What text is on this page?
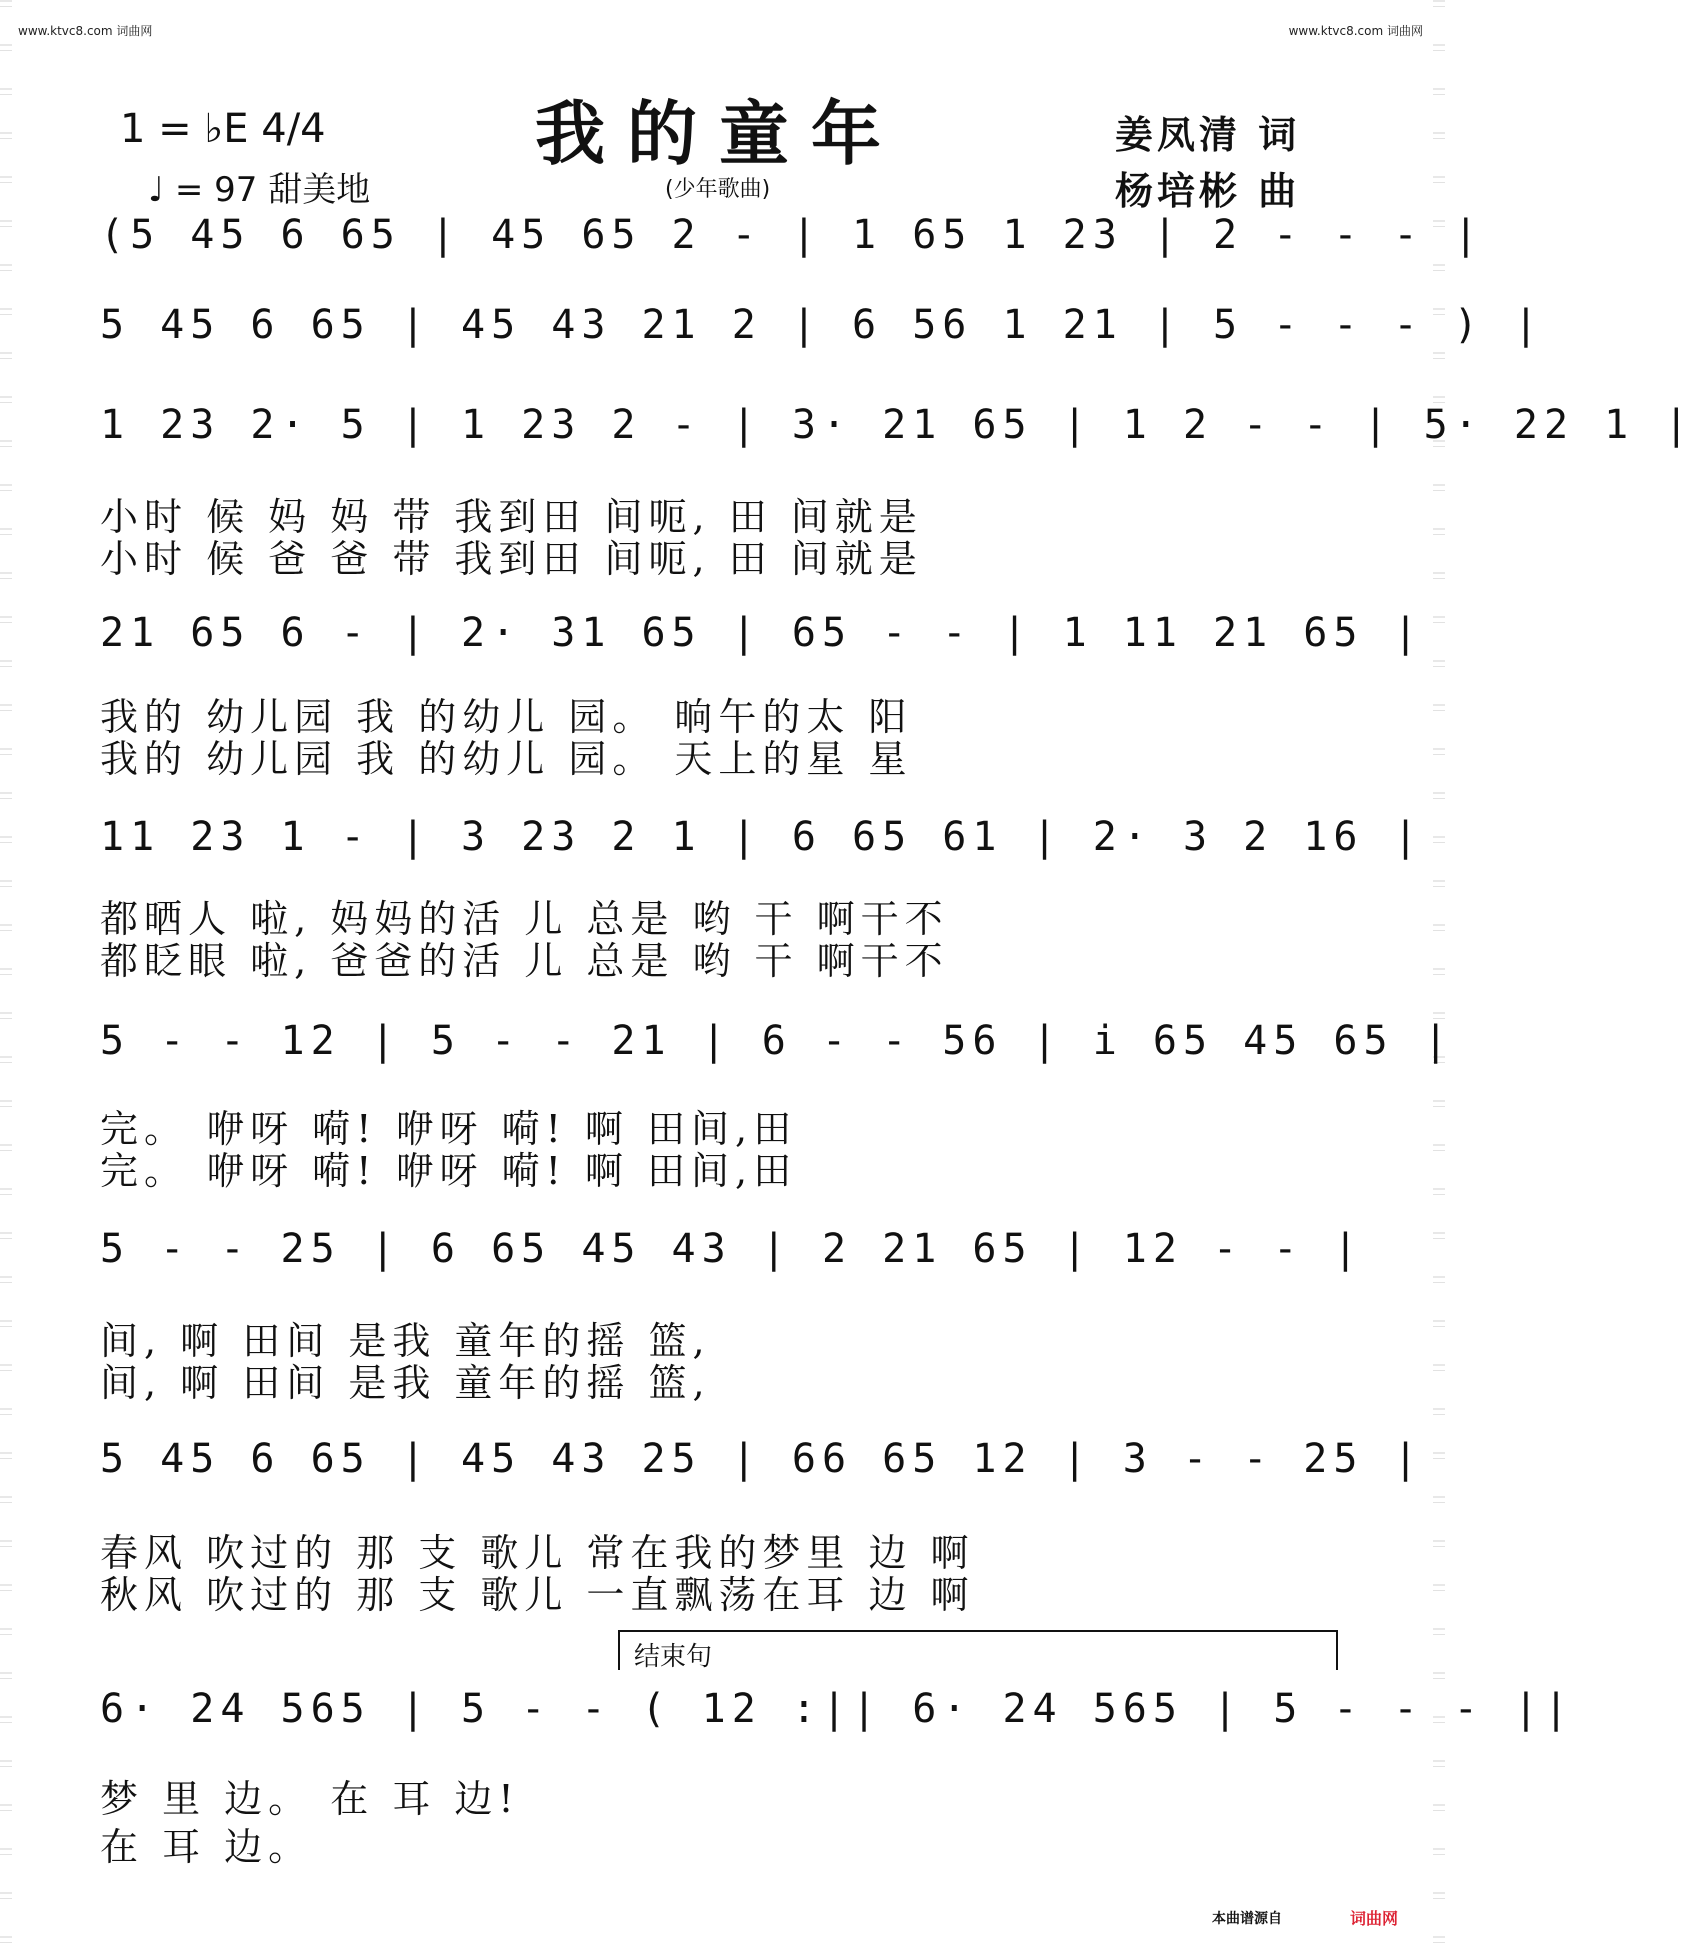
www.ktvc8.com 词曲网	www.ktvc8.com 词曲网
1 = ♭E 4/4
♩ = 97 甜美地
我的童年
(少年歌曲)
姜凤清 词
杨培彬 曲
(5 45 6 65 | 45 65 2 - | 1 65 1 23 | 2 - - - |
5 45 6 65 | 45 43 21 2 | 6 56 1 21 | 5 - - - ) |
1 23 2· 5 | 1 23 2 - | 3· 21 65 | 1 2 - - | 5· 22 1 |
小时 候 妈 妈 带 我到田 间呃, 田 间就是
小时 候 爸 爸 带 我到田 间呃, 田 间就是
21 65 6 - | 2· 31 65 | 65 - - | 1 11 21 65 |
我的 幼儿园 我 的幼儿 园。 晌午的太 阳
我的 幼儿园 我 的幼儿 园。 天上的星 星
11 23 1 - | 3 23 2 1 | 6 65 61 | 2· 3 2 16 |
都晒人 啦, 妈妈的活 儿 总是 哟 干 啊干不
都眨眼 啦, 爸爸的活 儿 总是 哟 干 啊干不
5 - - 12 | 5 - - 21 | 6 - - 56 | i 65 45 65 |
完。 咿呀 嗬! 咿呀 嗬! 啊 田间,田
完。 咿呀 嗬! 咿呀 嗬! 啊 田间,田
5 - - 25 | 6 65 45 43 | 2 21 65 | 12 - - |
间, 啊 田间 是我 童年的摇 篮,
间, 啊 田间 是我 童年的摇 篮,
5 45 6 65 | 45 43 25 | 66 65 12 | 3 - - 25 |
春风 吹过的 那 支 歌儿 常在我的梦里 边 啊
秋风 吹过的 那 支 歌儿 一直飘荡在耳 边 啊
结束句
6· 24 565 | 5 - - ( 12 :|| 6· 24 565 | 5 - - - ||
梦 里 边。 在 耳 边!
在 耳 边。
本曲谱源自	词曲网
